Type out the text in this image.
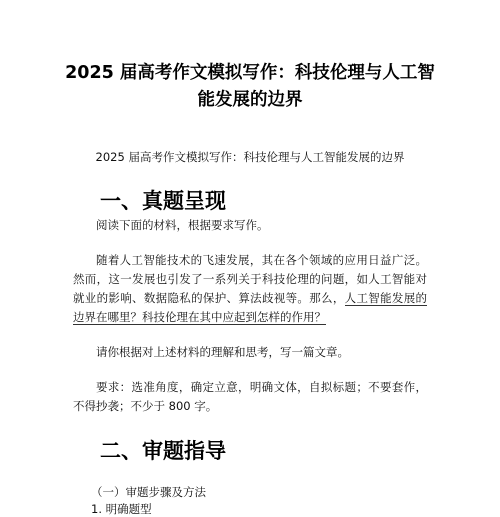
2025 届高考作文模拟写作：科技伦理与人工智能发展的边界
2025 届高考作文模拟写作：科技伦理与人工智能发展的边界
一、真题呈现

阅读下面的材料，根据要求写作。

随着人工智能技术的飞速发展，其在各个领域的应用日益广泛。然而，这一发展也引发了一系列关于科技伦理的问题，如人工智能对就业的影响、数据隐私的保护、算法歧视等。那么，人工智能发展的边界在哪里？科技伦理在其中应起到怎样的作用？

请你根据对上述材料的理解和思考，写一篇文章。

要求：选准角度，确定立意，明确文体，自拟标题；不要套作，不得抄袭；不少于 800 字。

二、审题指导
（一）审题步骤及方法
1. 明确题型
